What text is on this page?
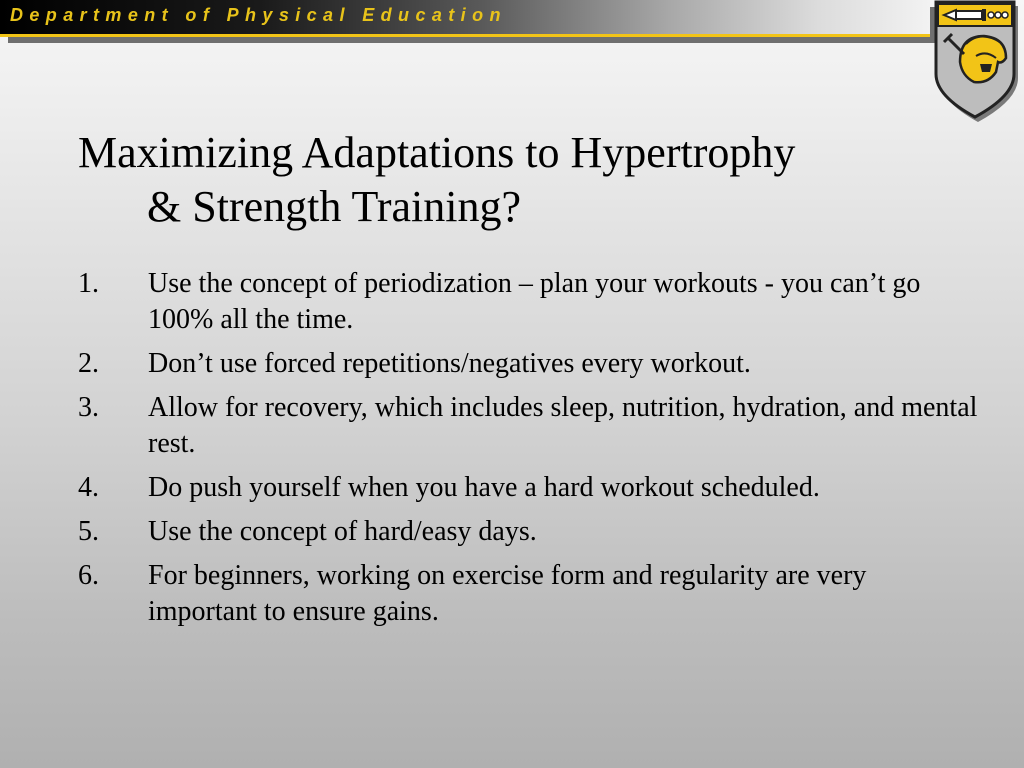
Department of Physical Education
Maximizing Adaptations to Hypertrophy
& Strength Training?
1.	Use the concept of periodization – plan your workouts - you can’t go 100% all the time.
2.	Don’t use forced repetitions/negatives every workout.
3.	Allow for recovery, which includes sleep, nutrition, hydration, and mental rest.
4.	Do push yourself when you have a hard workout scheduled.
5.	Use the concept of hard/easy days.
6.	For beginners, working on exercise form and regularity are very important to ensure gains.
